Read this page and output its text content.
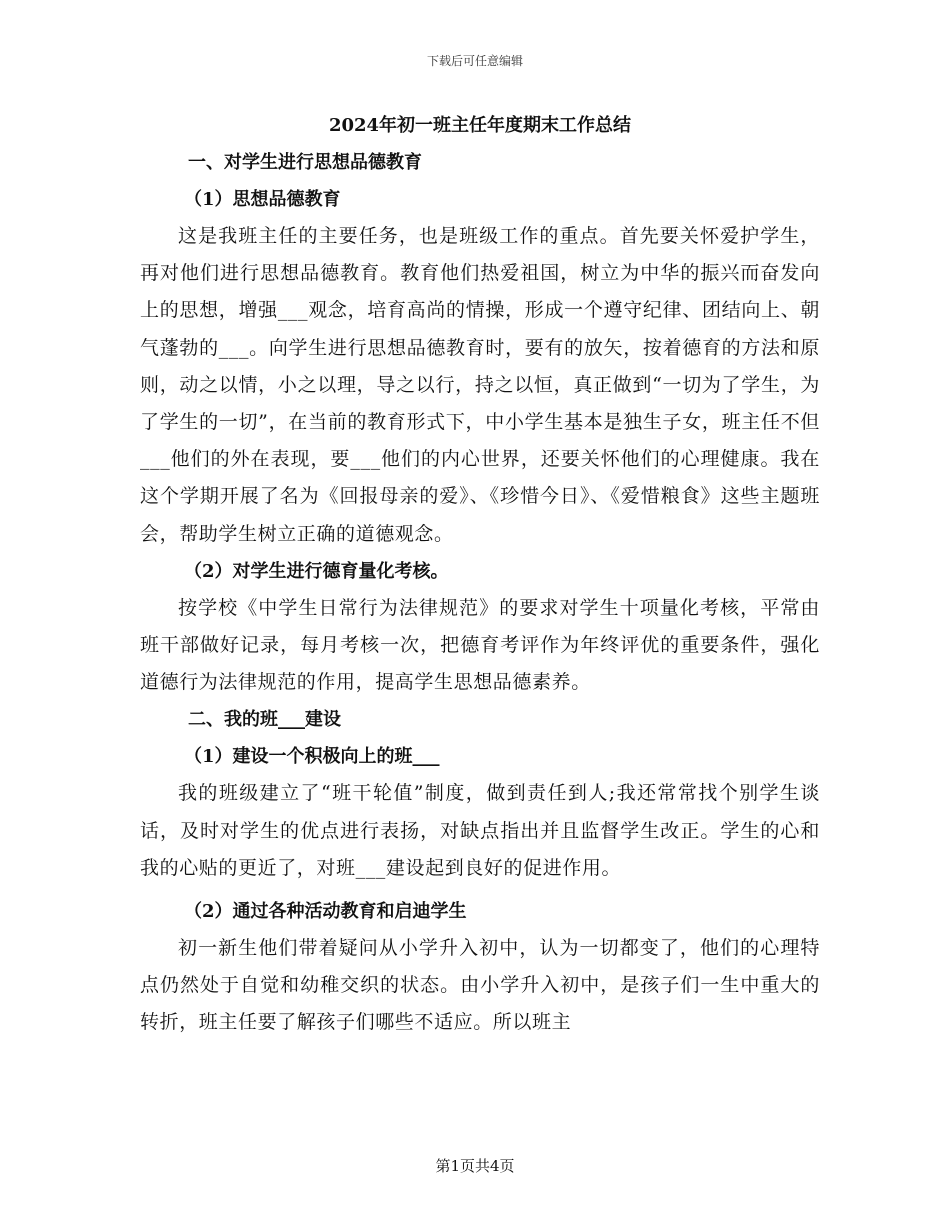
下载后可任意编辑
2024年初一班主任年度期末工作总结
一、对学生进行思想品德教育
（1）思想品德教育

这是我班主任的主要任务，也是班级工作的重点。首先要关怀爱护学生，再对他们进行思想品德教育。教育他们热爱祖国，树立为中华的振兴而奋发向上的思想，增强___观念，培育高尚的情操，形成一个遵守纪律、团结向上、朝气蓬勃的___。向学生进行思想品德教育时，要有的放矢，按着德育的方法和原则，动之以情，小之以理，导之以行，持之以恒，真正做到“一切为了学生，为了学生的一切”，在当前的教育形式下，中小学生基本是独生子女，班主任不但___他们的外在表现，要___他们的内心世界，还要关怀他们的心理健康。我在这个学期开展了名为《回报母亲的爱》、《珍惜今日》、《爱惜粮食》这些主题班会，帮助学生树立正确的道德观念。

（2）对学生进行德育量化考核。

按学校《中学生日常行为法律规范》的要求对学生十项量化考核，平常由班干部做好记录，每月考核一次，把德育考评作为年终评优的重要条件，强化道德行为法律规范的作用，提高学生思想品德素养。

二、我的班___建设
（1）建设一个积极向上的班___

我的班级建立了“班干轮值”制度，做到责任到人;我还常常找个别学生谈话，及时对学生的优点进行表扬，对缺点指出并且监督学生改正。学生的心和我的心贴的更近了，对班___建设起到良好的促进作用。

（2）通过各种活动教育和启迪学生

初一新生他们带着疑问从小学升入初中，认为一切都变了，他们的心理特点仍然处于自觉和幼稚交织的状态。由小学升入初中，是孩子们一生中重大的转折，班主任要了解孩子们哪些不适应。所以班主

第1页共4页
